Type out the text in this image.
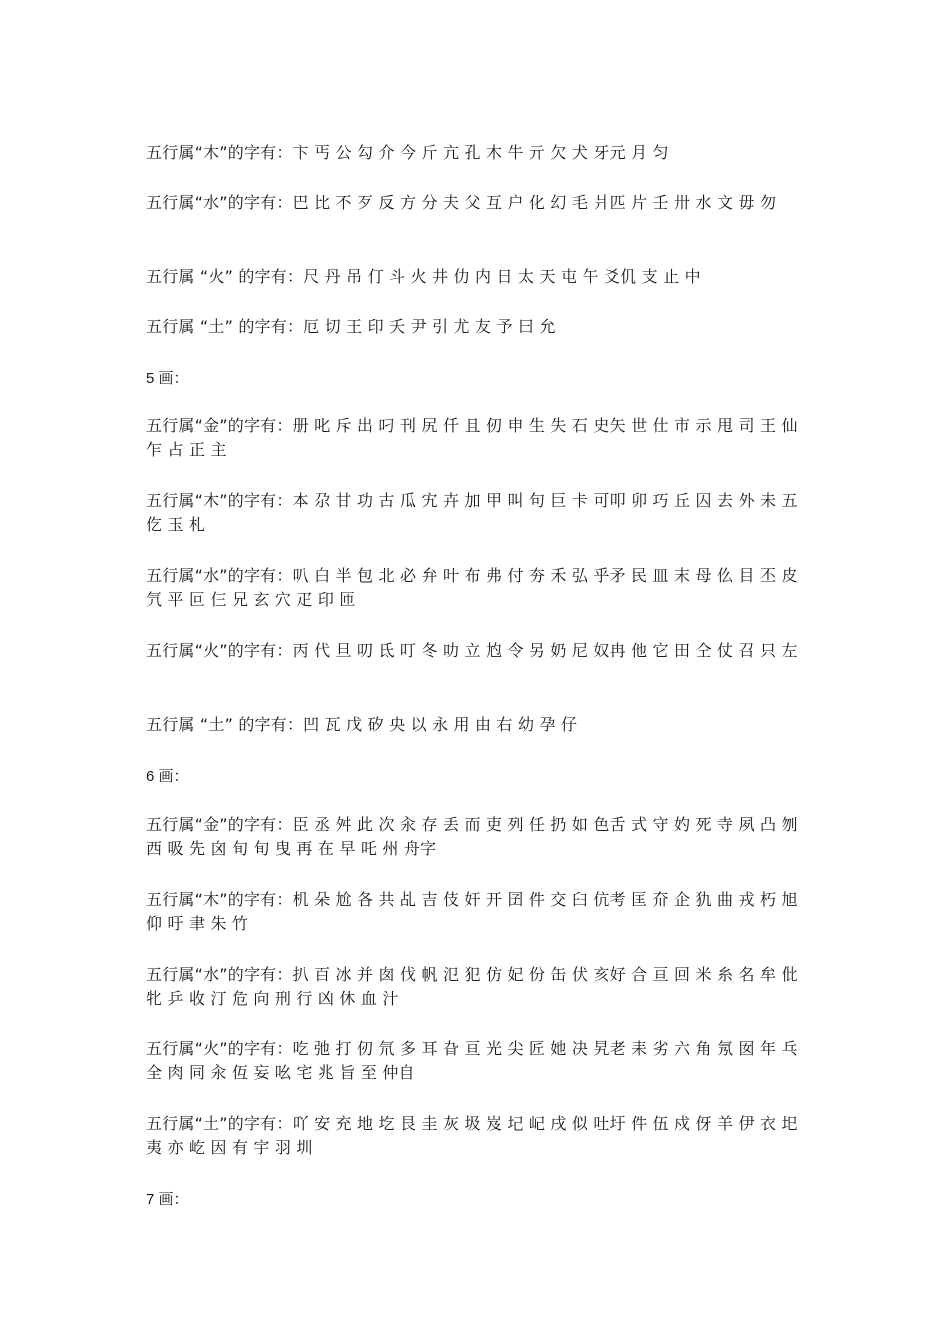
五行属“木”的字有：卞 丐 公 勾 介 今 斤 亢 孔 木 牛 亓 欠 犬 牙元 月 匀
五行属“水”的字有：巴 比 不 歹 反 方 分 夫 父 互 户 化 幻 毛 爿匹 片 壬 卅 水 文 毋 勿
五行属 “火” 的字有：尺 丹 吊 仃 斗 火 井 仂 内 日 太 天 屯 午 爻仉 支 止 中
五行属 “土” 的字有：厄 切 王 印 夭 尹 引 尤 友 予 曰 允
5 画：
五行属“金”的字有：册 叱 斥 出 叼 刊 尻 仟 且 仞 申 生 失 石 史矢 世 仕 市 示 甩 司 王 仙 乍 占 正 主
五行属“木”的字有：本 尕 甘 功 古 瓜 宄 卉 加 甲 叫 句 巨 卡 可叩 卯 巧 丘 囚 去 外 未 五 仡 玉 札
五行属“水”的字有：叭 白 半 包 北 必 弁 叶 布 弗 付 夯 禾 弘 乎矛 民 皿 末 母 仫 目 丕 皮 氕 平 叵 仨 兄 玄 穴 疋 印 匝
五行属“火”的字有：丙 代 旦 叨 氐 叮 冬 叻 立 尥 令 另 奶 尼 奴冉 他 它 田 仝 仗 召 只 左
五行属 “土” 的字有：凹 瓦 戊 矽 央 以 永 用 由 右 幼 孕 仔
6 画：
五行属“金”的字有：臣 丞 舛 此 次 汆 存 丢 而 吏 列 任 扔 如 色舌 式 守 妁 死 寺 夙 凸 刎 西 吸 先 囟 旬 旬 曳 再 在 早 吒 州 舟字
五行属“木”的字有：机 朵 尬 各 共 乩 吉 伎 奸 开 囝 件 交 臼 伉考 匡 夼 企 犰 曲 戎 朽 旭 仰 吁 聿 朱 竹
五行属“水”的字有：扒 百 冰 并 囱 伐 帆 氾 犯 仿 妃 份 缶 伏 亥好 合 亘 回 米 糸 名 牟 仳 牝 乒 收 汀 危 向 刑 行 凶 休 血 汁
五行属“火”的字有：吃 弛 打 仞 氘 多 耳 旮 亘 光 尖 匠 她 决 旯老 耒 劣 六 角 氖 囡 年 乓 全 肉 同 汆 仾 妄 吆 宅 兆 旨 至 仲自
五行属“土”的字有：吖 安 充 地 圪 艮 圭 灰 圾 岌 圮 屺 戌 似 吐圩 件 伍 戍 伢 羊 伊 衣 圯 夷 亦 屹 因 有 宇 羽 圳
7 画：
